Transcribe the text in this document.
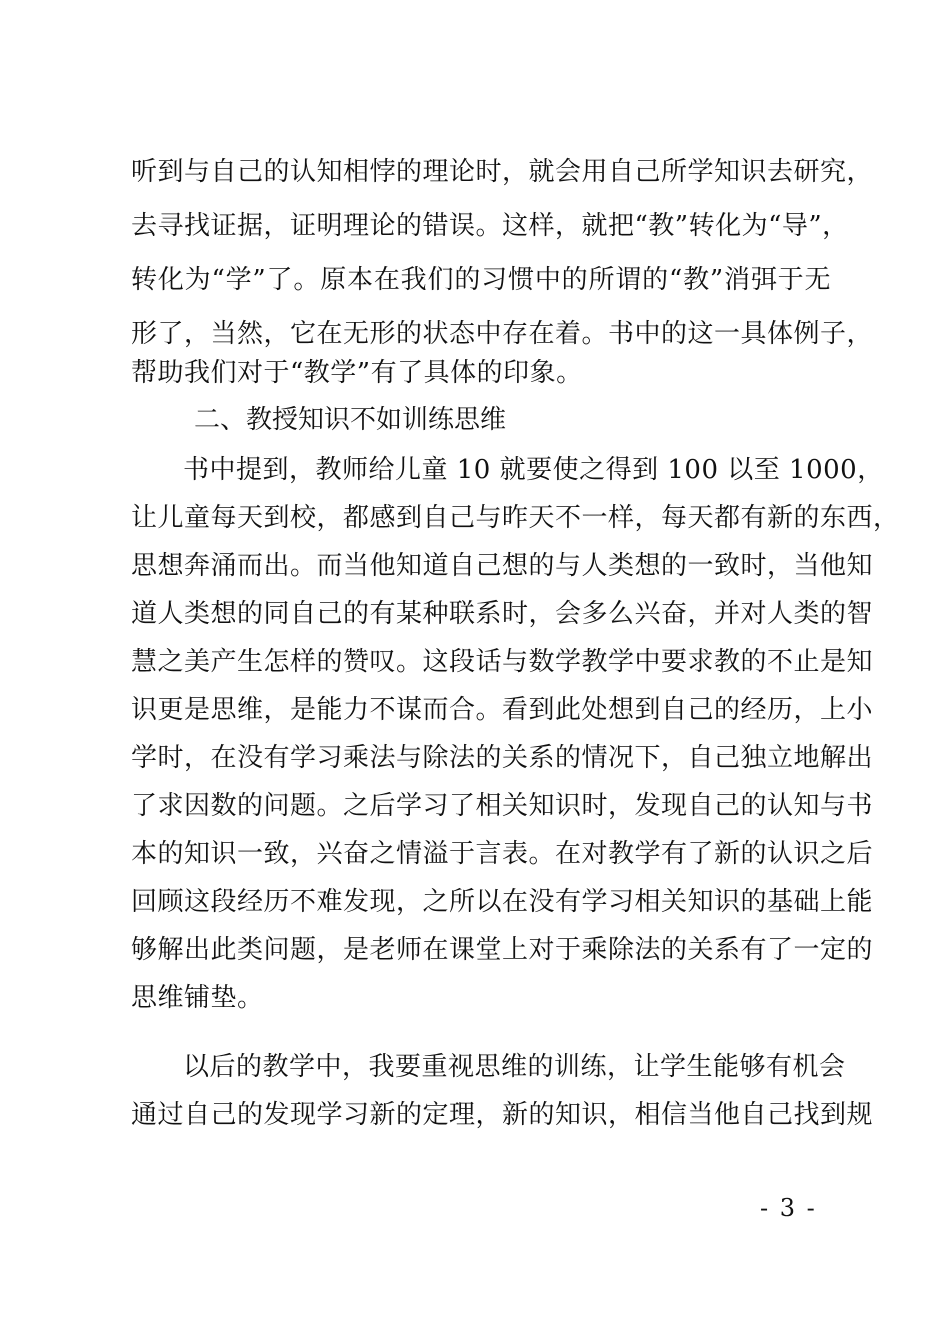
听到与自己的认知相悖的理论时，就会用自己所学知识去研究，
去寻找证据，证明理论的错误。这样，就把“教”转化为“导”，
转化为“学”了。原本在我们的习惯中的所谓的“教”消弭于无
形了，当然，它在无形的状态中存在着。书中的这一具体例子，
帮助我们对于“教学”有了具体的印象。
二、教授知识不如训练思维
书中提到，教师给儿童 10 就要使之得到 100 以至 1000，
让儿童每天到校，都感到自己与昨天不一样，每天都有新的东西，
思想奔涌而出。而当他知道自己想的与人类想的一致时，当他知
道人类想的同自己的有某种联系时，会多么兴奋，并对人类的智
慧之美产生怎样的赞叹。这段话与数学教学中要求教的不止是知
识更是思维，是能力不谋而合。看到此处想到自己的经历，上小
学时，在没有学习乘法与除法的关系的情况下，自己独立地解出
了求因数的问题。之后学习了相关知识时，发现自己的认知与书
本的知识一致，兴奋之情溢于言表。在对教学有了新的认识之后
回顾这段经历不难发现，之所以在没有学习相关知识的基础上能
够解出此类问题，是老师在课堂上对于乘除法的关系有了一定的
思维铺垫。
以后的教学中，我要重视思维的训练，让学生能够有机会
通过自己的发现学习新的定理，新的知识，相信当他自己找到规
- 3 -
